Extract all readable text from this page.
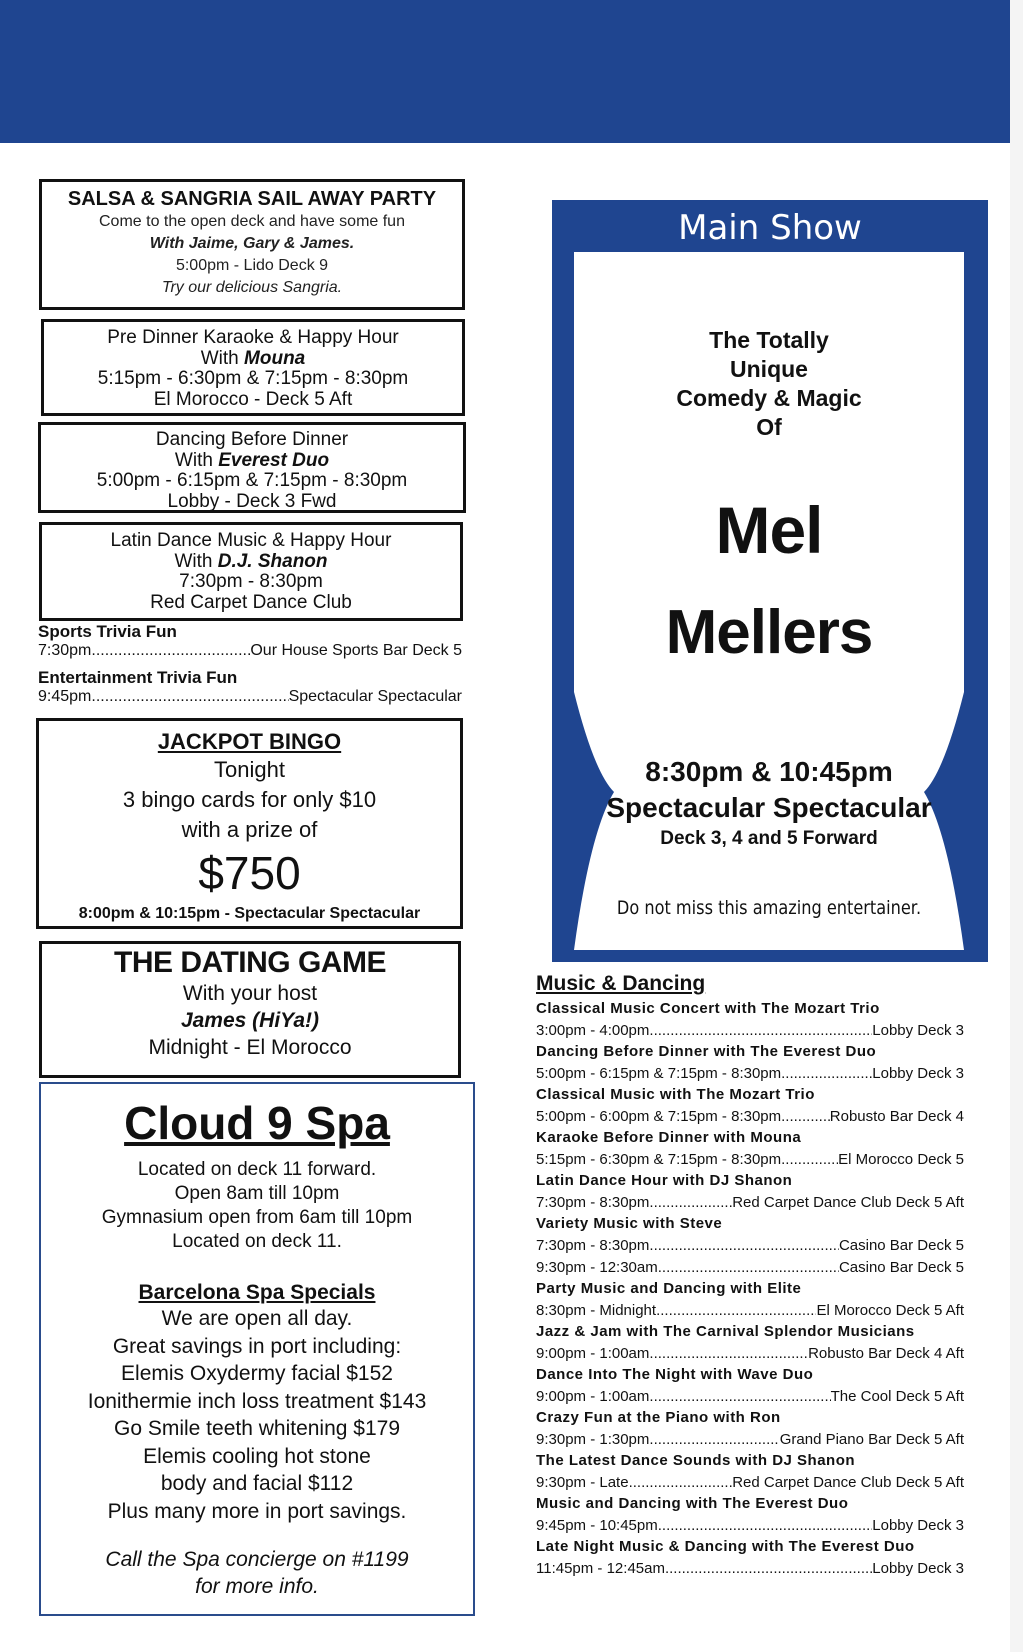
SALSA & SANGRIA SAIL AWAY PARTY
Come to the open deck and have some fun
With Jaime, Gary & James.
5:00pm - Lido Deck 9
Try our delicious Sangria.
Pre Dinner Karaoke & Happy Hour
With Mouna
5:15pm - 6:30pm & 7:15pm - 8:30pm
El Morocco - Deck 5 Aft
Dancing Before Dinner
With Everest Duo
5:00pm - 6:15pm & 7:15pm - 8:30pm
Lobby - Deck 3 Fwd
Latin Dance Music & Happy Hour
With D.J. Shanon
7:30pm - 8:30pm
Red Carpet Dance Club
Sports Trivia Fun
7:30pm .....	Our House Sports Bar Deck 5
Entertainment Trivia Fun
9:45pm .....	Spectacular Spectacular
JACKPOT BINGO
Tonight
3 bingo cards for only $10
with a prize of
$750
8:00pm & 10:15pm - Spectacular Spectacular
THE DATING GAME
With your host
James (HiYa!)
Midnight - El Morocco
Cloud 9 Spa
Located on deck 11 forward.
Open 8am till 10pm
Gymnasium open from 6am till 10pm
Located on deck 11.
Barcelona Spa Specials
We are open all day.
Great savings in port including:
Elemis Oxydermy facial $152
Ionithermie inch loss treatment $143
Go Smile teeth whitening $179
Elemis cooling hot stone
body and facial $112
Plus many more in port savings.
Call the Spa concierge on #1199
for more info.
Main Show
The Totally
Unique
Comedy & Magic
Of
Mel
Mellers
8:30pm & 10:45pm
Spectacular Spectacular
Deck 3, 4 and 5 Forward
Do not miss this amazing entertainer.
Music & Dancing
Classical Music Concert with The Mozart Trio
3:00pm - 4:00pm .....	Lobby Deck 3
Dancing Before Dinner with The Everest Duo
5:00pm - 6:15pm & 7:15pm - 8:30pm .....	Lobby Deck 3
Classical Music with The Mozart Trio
5:00pm - 6:00pm & 7:15pm - 8:30pm .....	Robusto Bar Deck 4
Karaoke Before Dinner with Mouna
5:15pm - 6:30pm & 7:15pm - 8:30pm .....	El Morocco Deck 5
Latin Dance Hour with DJ Shanon
7:30pm - 8:30pm .....	Red Carpet Dance Club Deck 5 Aft
Variety Music with Steve
7:30pm - 8:30pm .....	Casino Bar Deck 5
9:30pm - 12:30am .....	Casino Bar Deck 5
Party Music and Dancing with Elite
8:30pm - Midnight .....	El Morocco Deck 5 Aft
Jazz & Jam with The Carnival Splendor Musicians
9:00pm - 1:00am .....	Robusto Bar Deck 4 Aft
Dance Into The Night with Wave Duo
9:00pm - 1:00am .....	The Cool Deck 5 Aft
Crazy Fun at the Piano with Ron
9:30pm - 1:30pm .....	Grand Piano Bar Deck 5 Aft
The Latest Dance Sounds with DJ Shanon
9:30pm - Late .....	Red Carpet Dance Club Deck 5 Aft
Music and Dancing with The Everest Duo
9:45pm - 10:45pm .....	Lobby Deck 3
Late Night Music & Dancing with The Everest Duo
11:45pm - 12:45am .....	Lobby Deck 3
